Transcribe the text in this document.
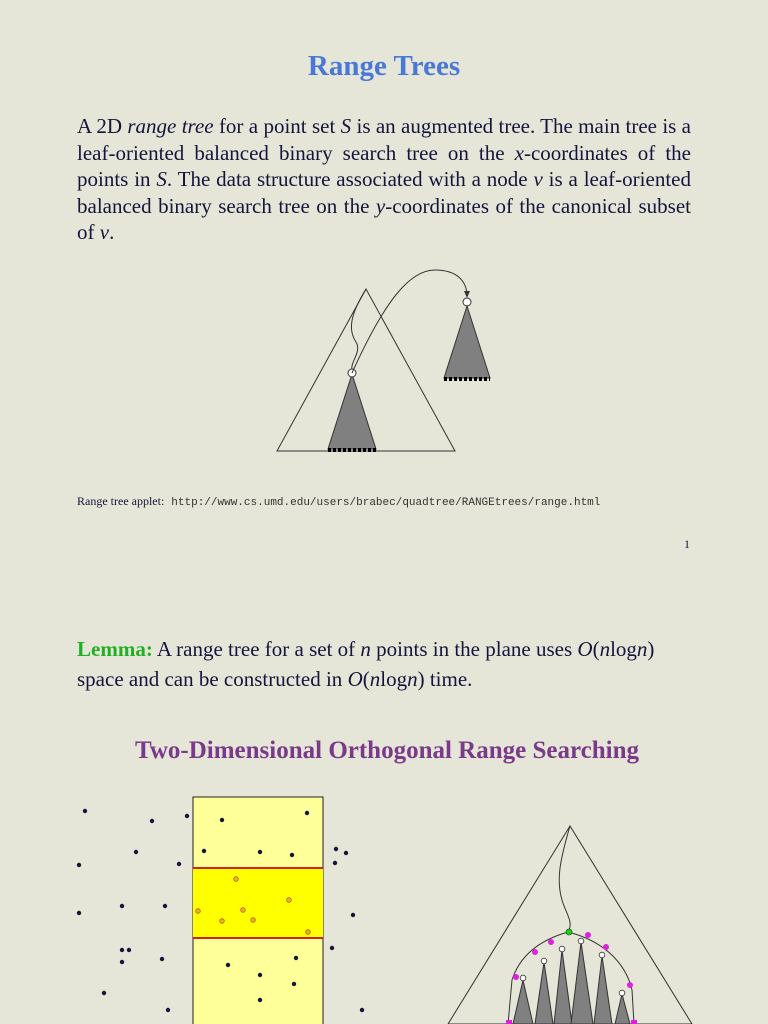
Range Trees

A 2D range tree for a point set S is an augmented tree. The main tree is a leaf-oriented balanced binary search tree on the x-coordinates of the points in S. The data structure associated with a node v is a leaf-oriented balanced binary search tree on the y-coordinates of the canonical subset of v.

Range tree applet: http://www.cs.umd.edu/users/brabec/quadtree/RANGEtrees/range.html
1

Lemma: A range tree for a set of n points in the plane uses O(nlogn) space and can be constructed in O(nlogn) time.

Two-Dimensional Orthogonal Range Searching
